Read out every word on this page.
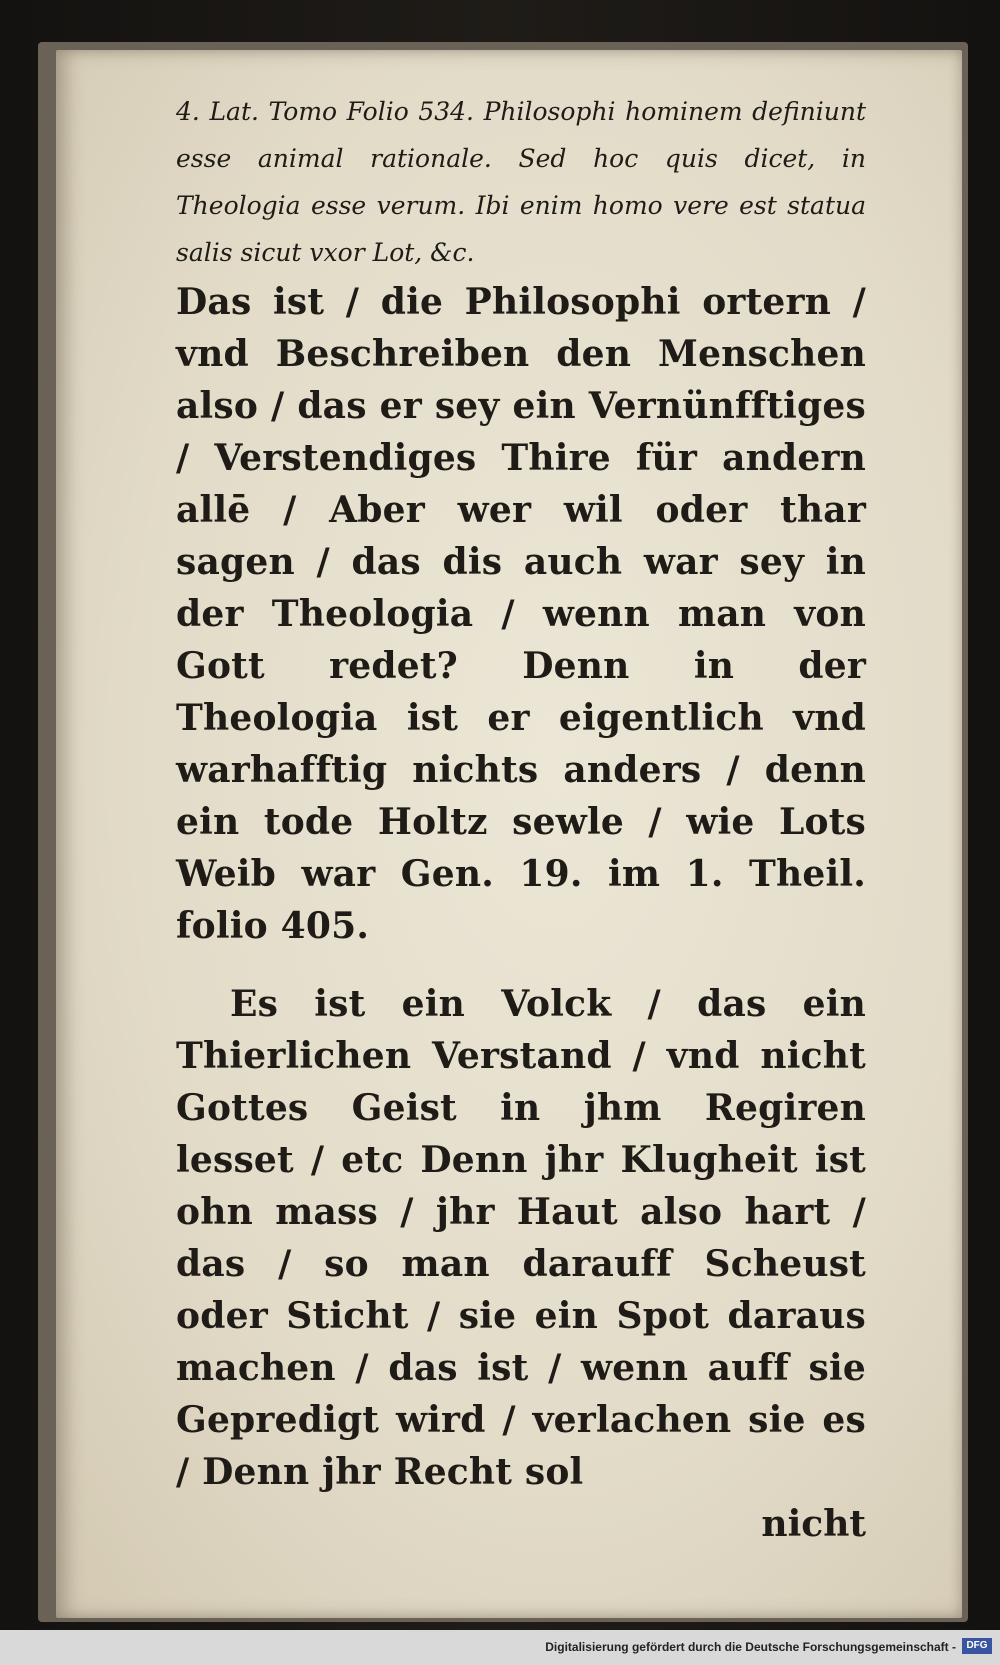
4. Lat. Tomo Folio 534. Philosophi hominem definiunt esse animal rationale. Sed hoc quis dicet, in Theologia esse verum. Ibi enim homo vere est statua salis sicut vxor Lot, &c.

Das ist / die Philosophi ortern / vnd Beschreiben den Menschen also / das er sey ein Vernünfftiges / Verstendiges Thire für andern allē / Aber wer wil oder thar sagen / das dis auch war sey in der Theologia / wenn man von Gott redet? Denn in der Theologia ist er eigentlich vnd warhafftig nichts anders / denn ein tode Holtz sewle / wie Lots Weib war Gen. 19. im 1. Theil. folio 405.

Es ist ein Volck / das ein Thierlichen Verstand / vnd nicht Gottes Geist in jhm Regiren lesset / etc Denn jhr Klugheit ist ohn mass / jhr Haut also hart / das / so man darauff Scheust oder Sticht / sie ein Spot daraus machen / das ist / wenn auff sie Gepredigt wird / verlachen sie es / Denn jhr Recht sol

nicht

Digitalisierung gefördert durch die Deutsche Forschungsgemeinschaft -	DFG
